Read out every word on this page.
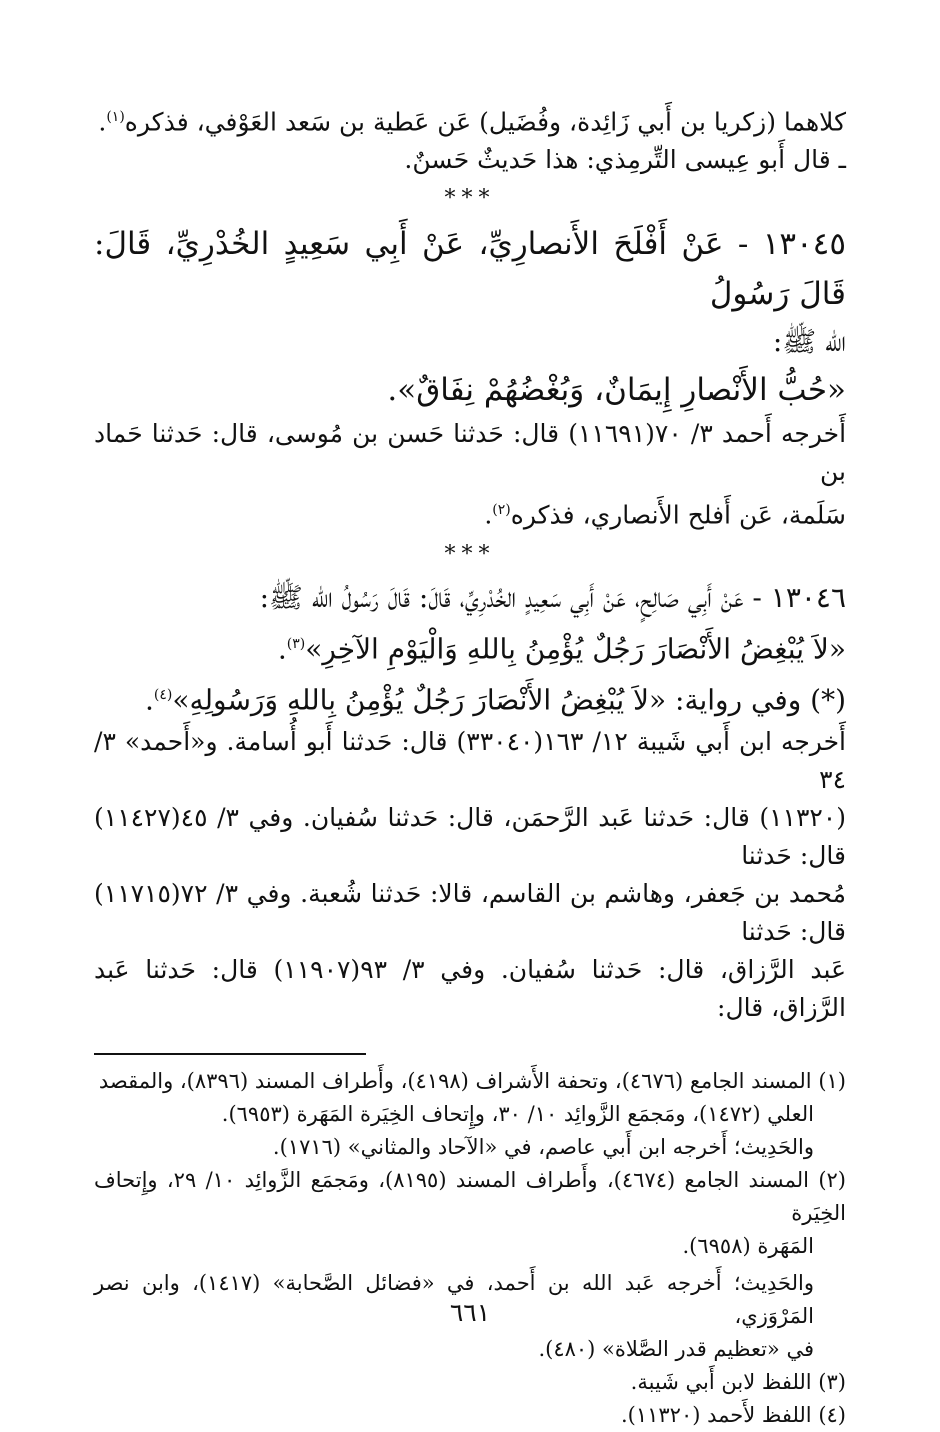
كلاهما (زكريا بن أَبي زَائِدة، وفُضَيل) عَن عَطية بن سَعد العَوْفي، فذكره$^{(١)}$.

ـ قال أَبو عِيسى التِّرمِذي: هذا حَديثٌ حَسنٌ.

***

١٣٠٤٥ - عَنْ أَفْلَحَ الأَنصارِيِّ، عَنْ أَبِي سَعِيدٍ الخُدْرِيِّ، قَالَ: قَالَ رَسُولُ

الله ﷺ:

«حُبُّ الأَنْصارِ إِيمَانٌ، وَبُغْضُهُمْ نِفَاقٌ».

أَخرجه أَحمد ٣/ ٧٠(١١٦٩١) قال: حَدثنا حَسن بن مُوسى، قال: حَدثنا حَماد بن

سَلَمة، عَن أَفلح الأَنصاري، فذكره$^{(٢)}$.

***

١٣٠٤٦ - عَنْ أَبِي صَالِحٍ، عَنْ أَبِي سَعِيدٍ الخُدْرِيِّ، قَالَ: قَالَ رَسُولُ الله ﷺ:

«لاَ يُبْغِضُ الأَنْصَارَ رَجُلٌ يُؤْمِنُ بِاللهِ وَالْيَوْمِ الآخِرِ»$^{(٣)}$.

(*) وفي رواية: «لاَ يُبْغِضُ الأَنْصَارَ رَجُلٌ يُؤْمِنُ بِاللهِ وَرَسُولِهِ»$^{(٤)}$.

أَخرجه ابن أَبي شَيبة ١٢/ ١٦٣(٣٣٠٤٠) قال: حَدثنا أَبو أُسامة. و«أَحمد» ٣/ ٣٤

(١١٣٢٠) قال: حَدثنا عَبد الرَّحمَن، قال: حَدثنا سُفيان. وفي ٣/ ٤٥(١١٤٢٧) قال: حَدثنا

مُحمد بن جَعفر، وهاشم بن القاسم، قالا: حَدثنا شُعبة. وفي ٣/ ٧٢(١١٧١٥) قال: حَدثنا

عَبد الرَّزاق، قال: حَدثنا سُفيان. وفي ٣/ ٩٣(١١٩٠٧) قال: حَدثنا عَبد الرَّزاق، قال:

(١) المسند الجامع (٤٦٧٦)، وتحفة الأَشراف (٤١٩٨)، وأَطراف المسند (٨٣٩٦)، والمقصد

العلي (١٤٧٢)، ومَجمَع الزَّوائِد ١٠/ ٣٠، وإِتحاف الخِيَرة المَهَرة (٦٩٥٣).

والحَدِيث؛ أَخرجه ابن أَبي عاصم، في «الآحاد والمثاني» (١٧١٦).

(٢) المسند الجامع (٤٦٧٤)، وأَطراف المسند (٨١٩٥)، ومَجمَع الزَّوائِد ١٠/ ٢٩، وإِتحاف الخِيَرة

المَهَرة (٦٩٥٨).

والحَدِيث؛ أَخرجه عَبد الله بن أَحمد، في «فضائل الصَّحابة» (١٤١٧)، وابن نصر المَرْوَزي،

في «تعظيم قدر الصَّلاة» (٤٨٠).

(٣) اللفظ لابن أَبي شَيبة.

(٤) اللفظ لأَحمد (١١٣٢٠).

٦٦١
